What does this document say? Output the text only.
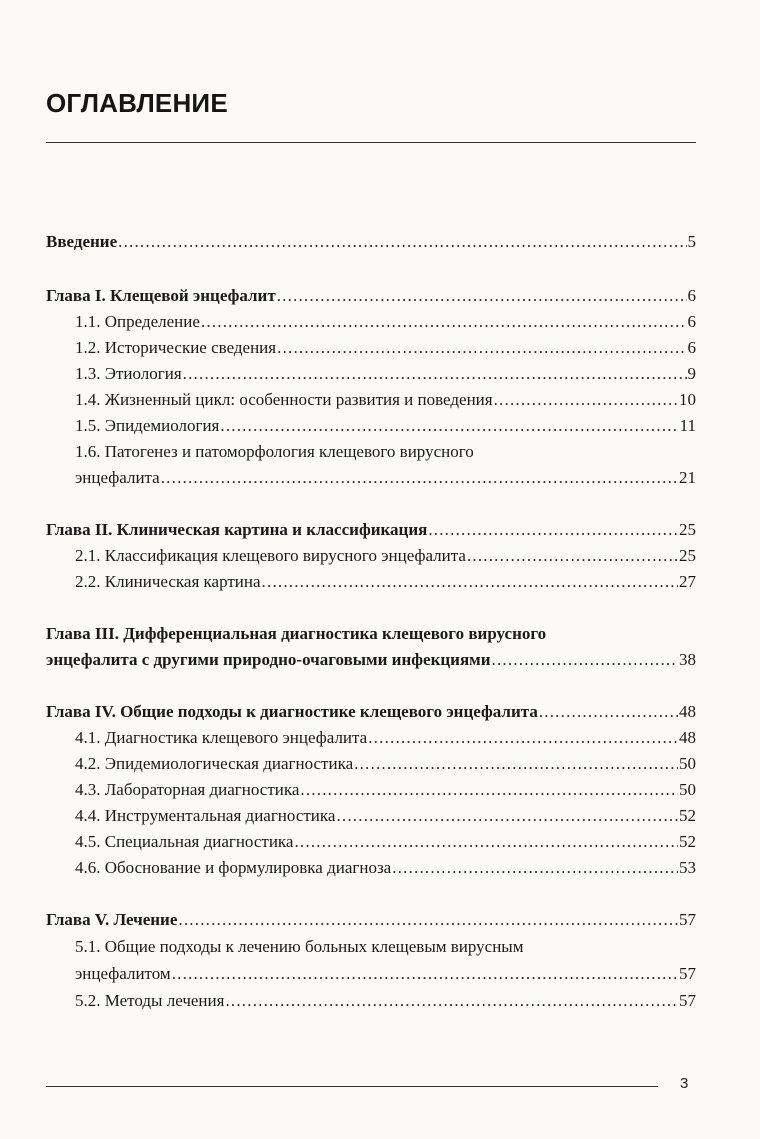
ОГЛАВЛЕНИЕ
Введение .....	5
Глава I. Клещевой энцефалит .....	6
1.1. Определение .....	6
1.2. Исторические сведения .....	6
1.3. Этиология .....	9
1.4. Жизненный цикл: особенности развития и поведения .....	10
1.5. Эпидемиология .....	11
1.6. Патогенез и патоморфология клещевого вирусного
энцефалита .....	21
Глава II. Клиническая картина и классификация .....	25
2.1. Классификация клещевого вирусного энцефалита .....	25
2.2. Клиническая картина .....	27
Глава III. Дифференциальная диагностика клещевого вирусного
энцефалита с другими природно-очаговыми инфекциями .....	38
Глава IV. Общие подходы к диагностике клещевого энцефалита .....	48
4.1. Диагностика клещевого энцефалита .....	48
4.2. Эпидемиологическая диагностика .....	50
4.3. Лабораторная диагностика .....	50
4.4. Инструментальная диагностика .....	52
4.5. Специальная диагностика .....	52
4.6. Обоснование и формулировка диагноза .....	53
Глава V. Лечение .....	57
5.1. Общие подходы к лечению больных клещевым вирусным
энцефалитом .....	57
5.2. Методы лечения .....	57
3
